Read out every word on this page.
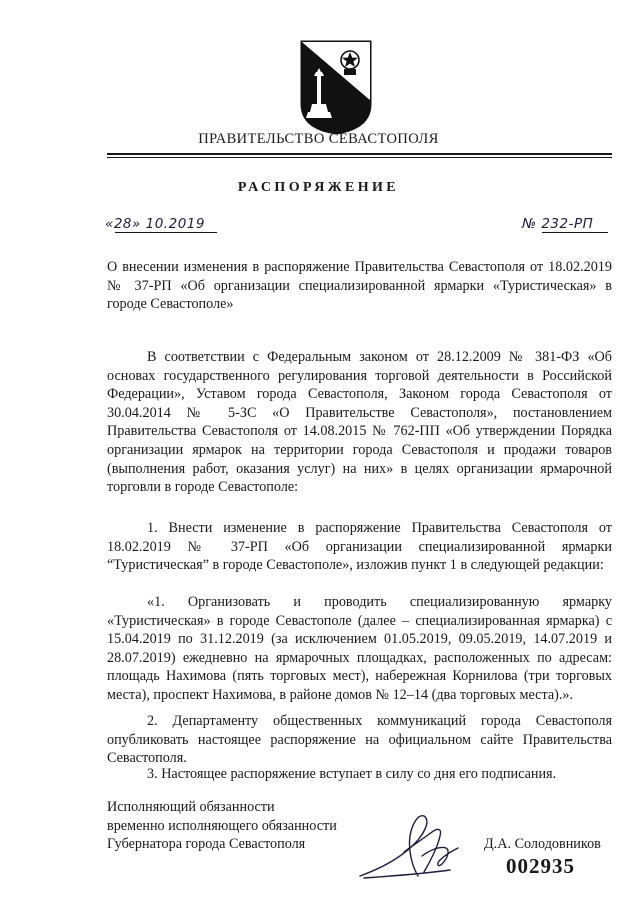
ПРАВИТЕЛЬСТВО СЕВАСТОПОЛЯ
РАСПОРЯЖЕНИЕ
«28» 10.2019	№ 232-РП
О внесении изменения в распоряжение Правительства Севастополя от 18.02.2019 № 37-РП «Об организации специализированной ярмарки «Туристическая» в городе Севастополе»
В соответствии с Федеральным законом от 28.12.2009 № 381-ФЗ «Об основах государственного регулирования торговой деятельности в Российской Федерации», Уставом города Севастополя, Законом города Севастополя от 30.04.2014 № 5-ЗС «О Правительстве Севастополя», постановлением Правительства Севастополя от 14.08.2015 № 762-ПП «Об утверждении Порядка организации ярмарок на территории города Севастополя и продажи товаров (выполнения работ, оказания услуг) на них» в целях организации ярмарочной торговли в городе Севастополе:
1. Внести изменение в распоряжение Правительства Севастополя от 18.02.2019 № 37-РП «Об организации специализированной ярмарки “Туристическая” в городе Севастополе», изложив пункт 1 в следующей редакции:
«1. Организовать и проводить специализированную ярмарку «Туристическая» в городе Севастополе (далее – специализированная ярмарка) с 15.04.2019 по 31.12.2019 (за исключением 01.05.2019, 09.05.2019, 14.07.2019 и 28.07.2019) ежедневно на ярмарочных площадках, расположенных по адресам: площадь Нахимова (пять торговых мест), набережная Корнилова (три торговых места), проспект Нахимова, в районе домов № 12–14 (два торговых места).».
2. Департаменту общественных коммуникаций города Севастополя опубликовать настоящее распоряжение на официальном сайте Правительства Севастополя.
3. Настоящее распоряжение вступает в силу со дня его подписания.
Исполняющий обязанности
временно исполняющего обязанности
Губернатора города Севастополя	Д.А. Солодовников
002935
